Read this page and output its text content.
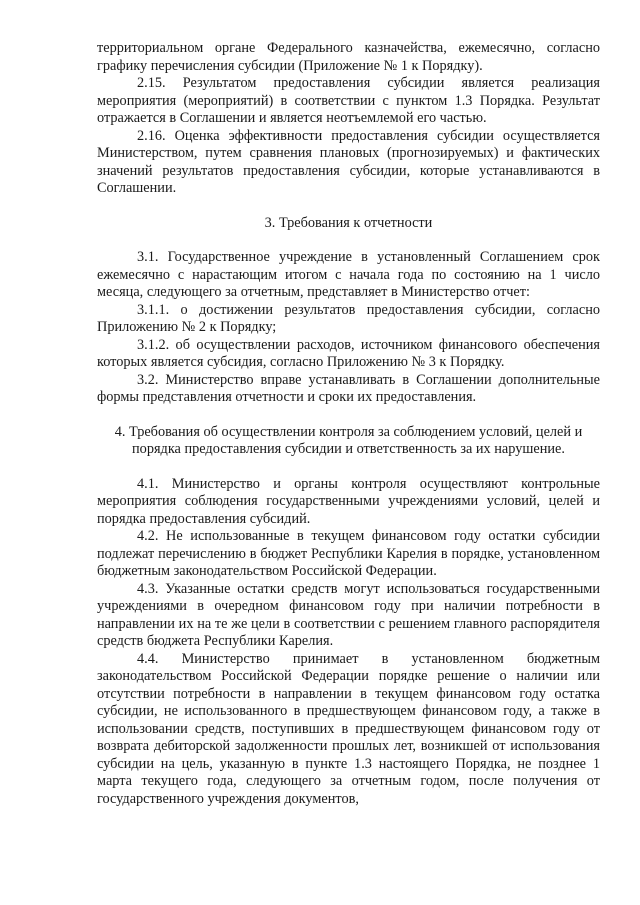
территориальном органе Федерального казначейства, ежемесячно, согласно графику перечисления субсидии (Приложение № 1 к Порядку).

2.15. Результатом предоставления субсидии является реализация мероприятия (мероприятий) в соответствии с пунктом 1.3 Порядка. Результат отражается в Соглашении и является неотъемлемой его частью.

2.16. Оценка эффективности предоставления субсидии осуществляется Министерством, путем сравнения плановых (прогнозируемых) и фактических значений результатов предоставления субсидии, которые устанавливаются в Соглашении.

3. Требования к отчетности

3.1. Государственное учреждение в установленный Соглашением срок ежемесячно с нарастающим итогом с начала года по состоянию на 1 число месяца, следующего за отчетным, представляет в Министерство отчет:

3.1.1. о достижении результатов предоставления субсидии, согласно Приложению № 2 к Порядку;

3.1.2. об осуществлении расходов, источником финансового обеспечения которых является субсидия, согласно Приложению № 3 к Порядку.

3.2. Министерство вправе устанавливать в Соглашении дополнительные формы представления отчетности и сроки их предоставления.

4. Требования об осуществлении контроля за соблюдением условий, целей и порядка предоставления субсидии и ответственность за их нарушение.

4.1. Министерство и органы контроля осуществляют контрольные мероприятия соблюдения государственными учреждениями условий, целей и порядка предоставления субсидий.

4.2. Не использованные в текущем финансовом году остатки субсидии подлежат перечислению в бюджет Республики Карелия в порядке, установленном бюджетным законодательством Российской Федерации.

4.3. Указанные остатки средств могут использоваться государственными учреждениями в очередном финансовом году при наличии потребности в направлении их на те же цели в соответствии с решением главного распорядителя средств бюджета Республики Карелия.

4.4. Министерство принимает в установленном бюджетным законодательством Российской Федерации порядке решение о наличии или отсутствии потребности в направлении в текущем финансовом году остатка субсидии, не использованного в предшествующем финансовом году, а также в использовании средств, поступивших в предшествующем финансовом году от возврата дебиторской задолженности прошлых лет, возникшей от использования субсидии на цель, указанную в пункте 1.3 настоящего Порядка, не позднее 1 марта текущего года, следующего за отчетным годом, после получения от государственного учреждения документов,
